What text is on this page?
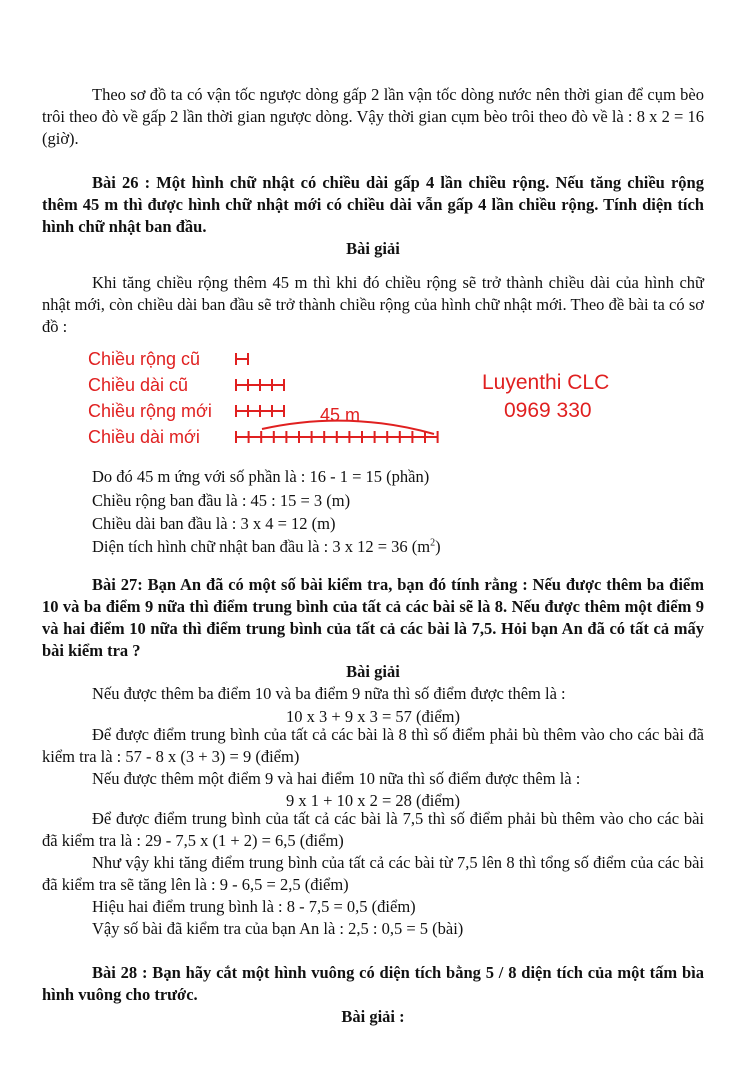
Theo sơ đồ ta có vận tốc ngược dòng gấp 2 lần vận tốc dòng nước nên thời gian để cụm bèo trôi theo đò về gấp 2 lần thời gian ngược dòng. Vậy thời gian cụm bèo trôi theo đò về là : 8 x 2 = 16 (giờ).

Bài 26 : Một hình chữ nhật có chiều dài gấp 4 lần chiều rộng. Nếu tăng chiều rộng thêm 45 m thì được hình chữ nhật mới có chiều dài vẫn gấp 4 lần chiều rộng. Tính diện tích hình chữ nhật ban đầu.

Bài giải

Khi tăng chiều rộng thêm 45 m thì khi đó chiều rộng sẽ trở thành chiều dài của hình chữ nhật mới, còn chiều dài ban đầu sẽ trở thành chiều rộng của hình chữ nhật mới. Theo đề bài ta có sơ đồ :

Chiều rộng cũ
Chiều dài cũ
Chiều rộng mới
Chiều dài mới
45 m
Luyenthi CLC
0969 330
Do đó 45 m ứng với số phần là : 16 - 1 = 15 (phần)
Chiều rộng ban đầu là : 45 : 15 = 3 (m)
Chiều dài ban đầu là : 3 x 4 = 12 (m)
Diện tích hình chữ nhật ban đầu là : 3 x 12 = 36 $(m^2)$

Bài 27: Bạn An đã có một số bài kiểm tra, bạn đó tính rằng : Nếu được thêm ba điểm 10 và ba điểm 9 nữa thì điểm trung bình của tất cả các bài sẽ là 8. Nếu được thêm một điểm 9 và hai điểm 10 nữa thì điểm trung bình của tất cả các bài là 7,5. Hỏi bạn An đã có tất cả mấy bài kiểm tra ?

Bài giải
Nếu được thêm ba điểm 10 và ba điểm 9 nữa thì số điểm được thêm là :
10 x 3 + 9 x 3 = 57 (điểm)

Để được điểm trung bình của tất cả các bài là 8 thì số điểm phải bù thêm vào cho các bài đã kiểm tra là : 57 - 8 x (3 + 3) = 9 (điểm)

Nếu được thêm một điểm 9 và hai điểm 10 nữa thì số điểm được thêm là :
9 x 1 + 10 x 2 = 28 (điểm)

Để được điểm trung bình của tất cả các bài là 7,5 thì số điểm phải bù thêm vào cho các bài đã kiểm tra là : 29 - 7,5 x (1 + 2) = 6,5 (điểm)

Như vậy khi tăng điểm trung bình của tất cả các bài từ 7,5 lên 8 thì tổng số điểm của các bài đã kiểm tra sẽ tăng lên là : 9 - 6,5 = 2,5 (điểm)

Hiệu hai điểm trung bình là : 8 - 7,5 = 0,5 (điểm)
Vậy số bài đã kiểm tra của bạn An là : 2,5 : 0,5 = 5 (bài)

Bài 28 : Bạn hãy cắt một hình vuông có diện tích bằng 5 / 8 diện tích của một tấm bìa hình vuông cho trước.

Bài giải :
